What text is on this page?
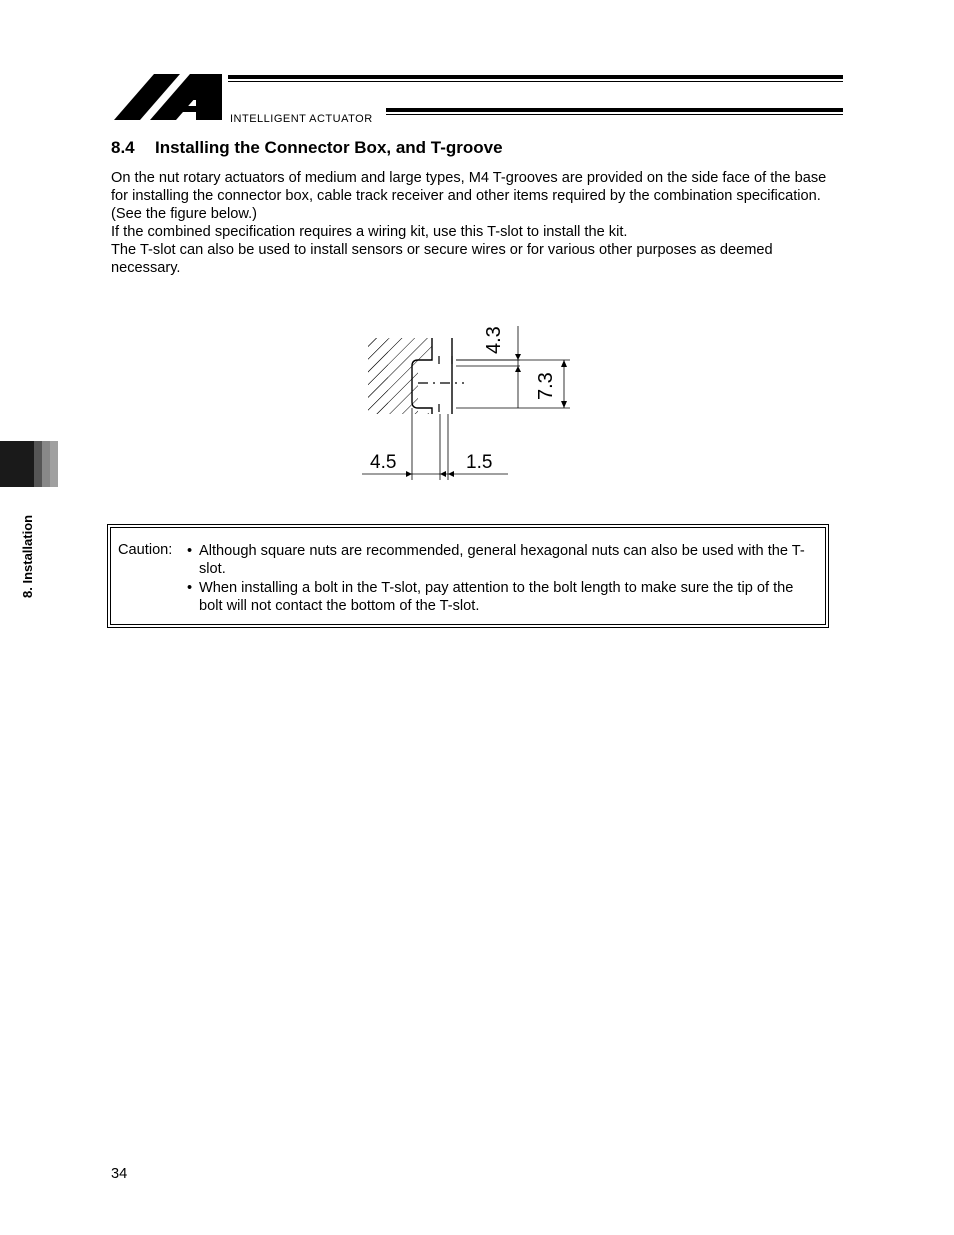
INTELLIGENT ACTUATOR
8.4 Installing the Connector Box, and T-groove

On the nut rotary actuators of medium and large types, M4 T-grooves are provided on the side face of the base for installing the connector box, cable track receiver and other items required by the combination specification. (See the figure below.)

If the combined specification requires a wiring kit, use this T-slot to install the kit.

The T-slot can also be used to install sensors or secure wires or for various other purposes as deemed necessary.

4.3
7.3
4.5	1.5
8. Installation	Caution: • Although square nuts are recommended, general hexagonal nuts can also be used with the T-slot.
• When installing a bolt in the T-slot, pay attention to the bolt length to make sure the tip of the bolt will not contact the bottom of the T-slot.
34
